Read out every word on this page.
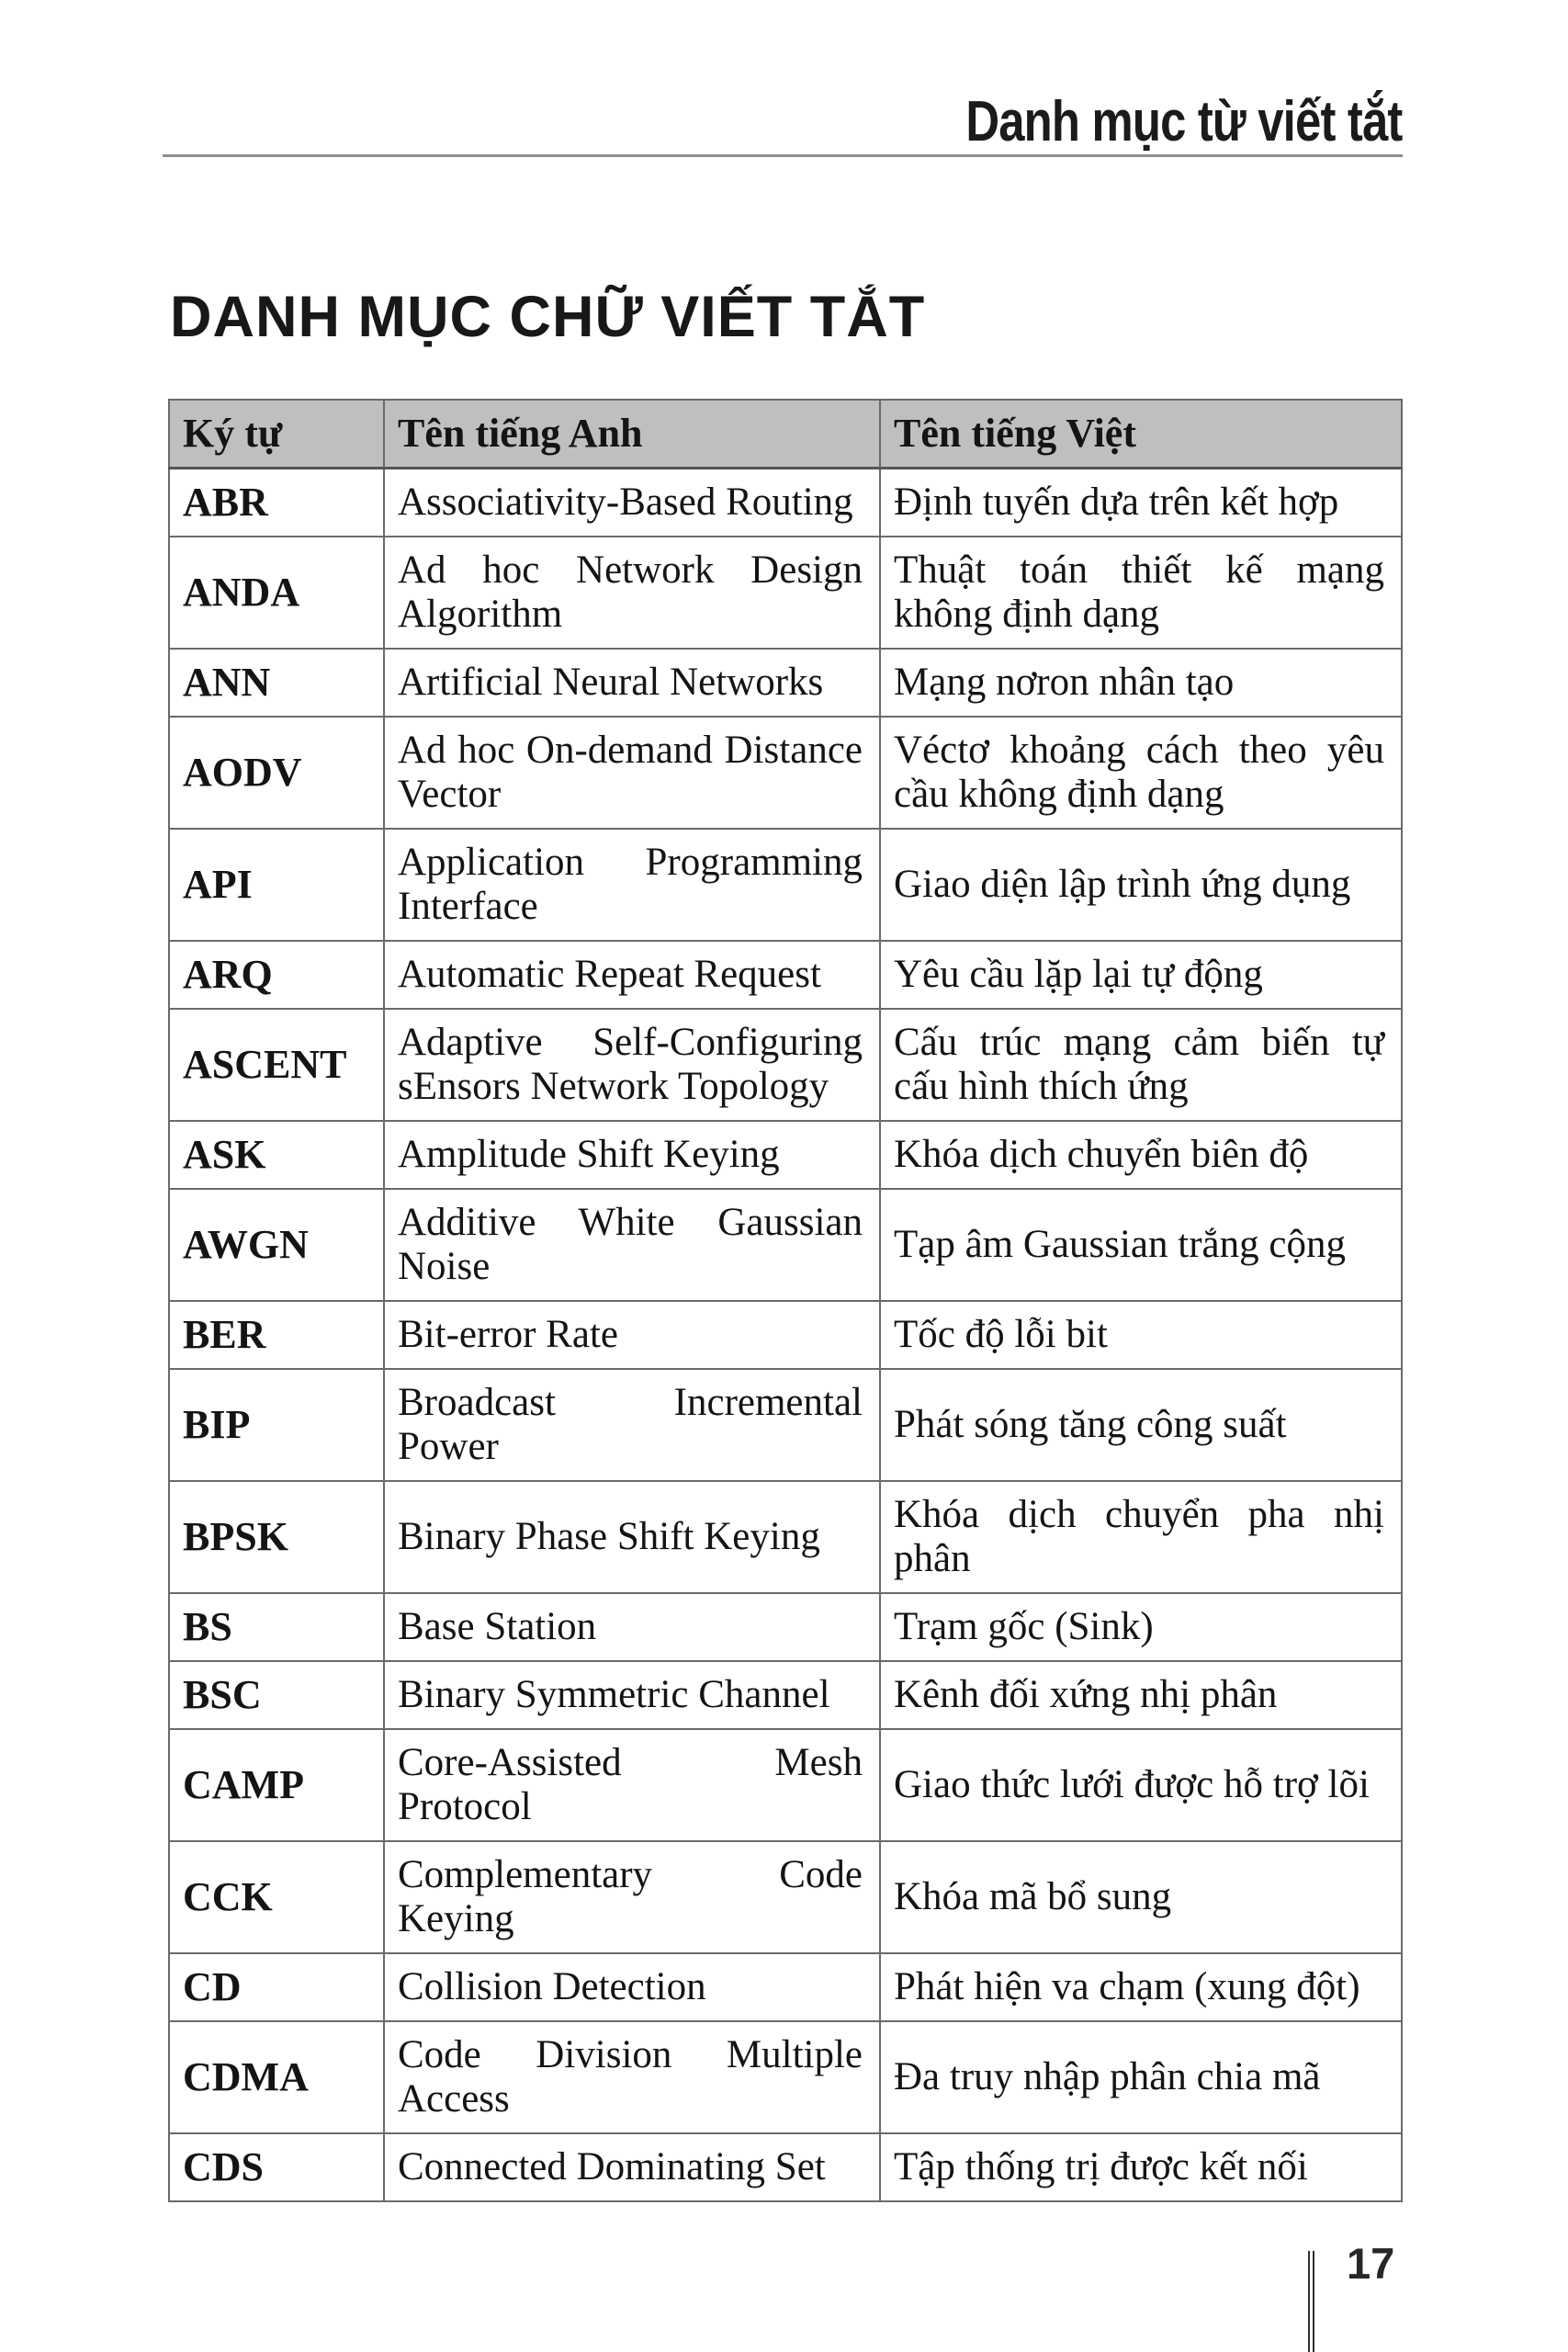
Danh mục từ viết tắt
DANH MỤC CHỮ VIẾT TẮT
Ký tự	Tên tiếng Anh	Tên tiếng Việt
ABR	Associativity-Based Routing	Định tuyến dựa trên kết hợp
ANDA	Ad hoc Network Design Algorithm	Thuật toán thiết kế mạng không định dạng
ANN	Artificial Neural Networks	Mạng nơron nhân tạo
AODV	Ad hoc On-demand Distance Vector	Véctơ khoảng cách theo yêu cầu không định dạng
API	Application Programming Interface	Giao diện lập trình ứng dụng
ARQ	Automatic Repeat Request	Yêu cầu lặp lại tự động
ASCENT	Adaptive Self-Configuring sEnsors Network Topology	Cấu trúc mạng cảm biến tự cấu hình thích ứng
ASK	Amplitude Shift Keying	Khóa dịch chuyển biên độ
AWGN	Additive White Gaussian Noise	Tạp âm Gaussian trắng cộng
BER	Bit-error Rate	Tốc độ lỗi bit
BIP	Broadcast Incremental Power	Phát sóng tăng công suất
BPSK	Binary Phase Shift Keying	Khóa dịch chuyển pha nhị phân
BS	Base Station	Trạm gốc (Sink)
BSC	Binary Symmetric Channel	Kênh đối xứng nhị phân
CAMP	Core-Assisted Mesh Protocol	Giao thức lưới được hỗ trợ lõi
CCK	Complementary Code Keying	Khóa mã bổ sung
CD	Collision Detection	Phát hiện va chạm (xung đột)
CDMA	Code Division Multiple Access	Đa truy nhập phân chia mã
CDS	Connected Dominating Set	Tập thống trị được kết nối
17
